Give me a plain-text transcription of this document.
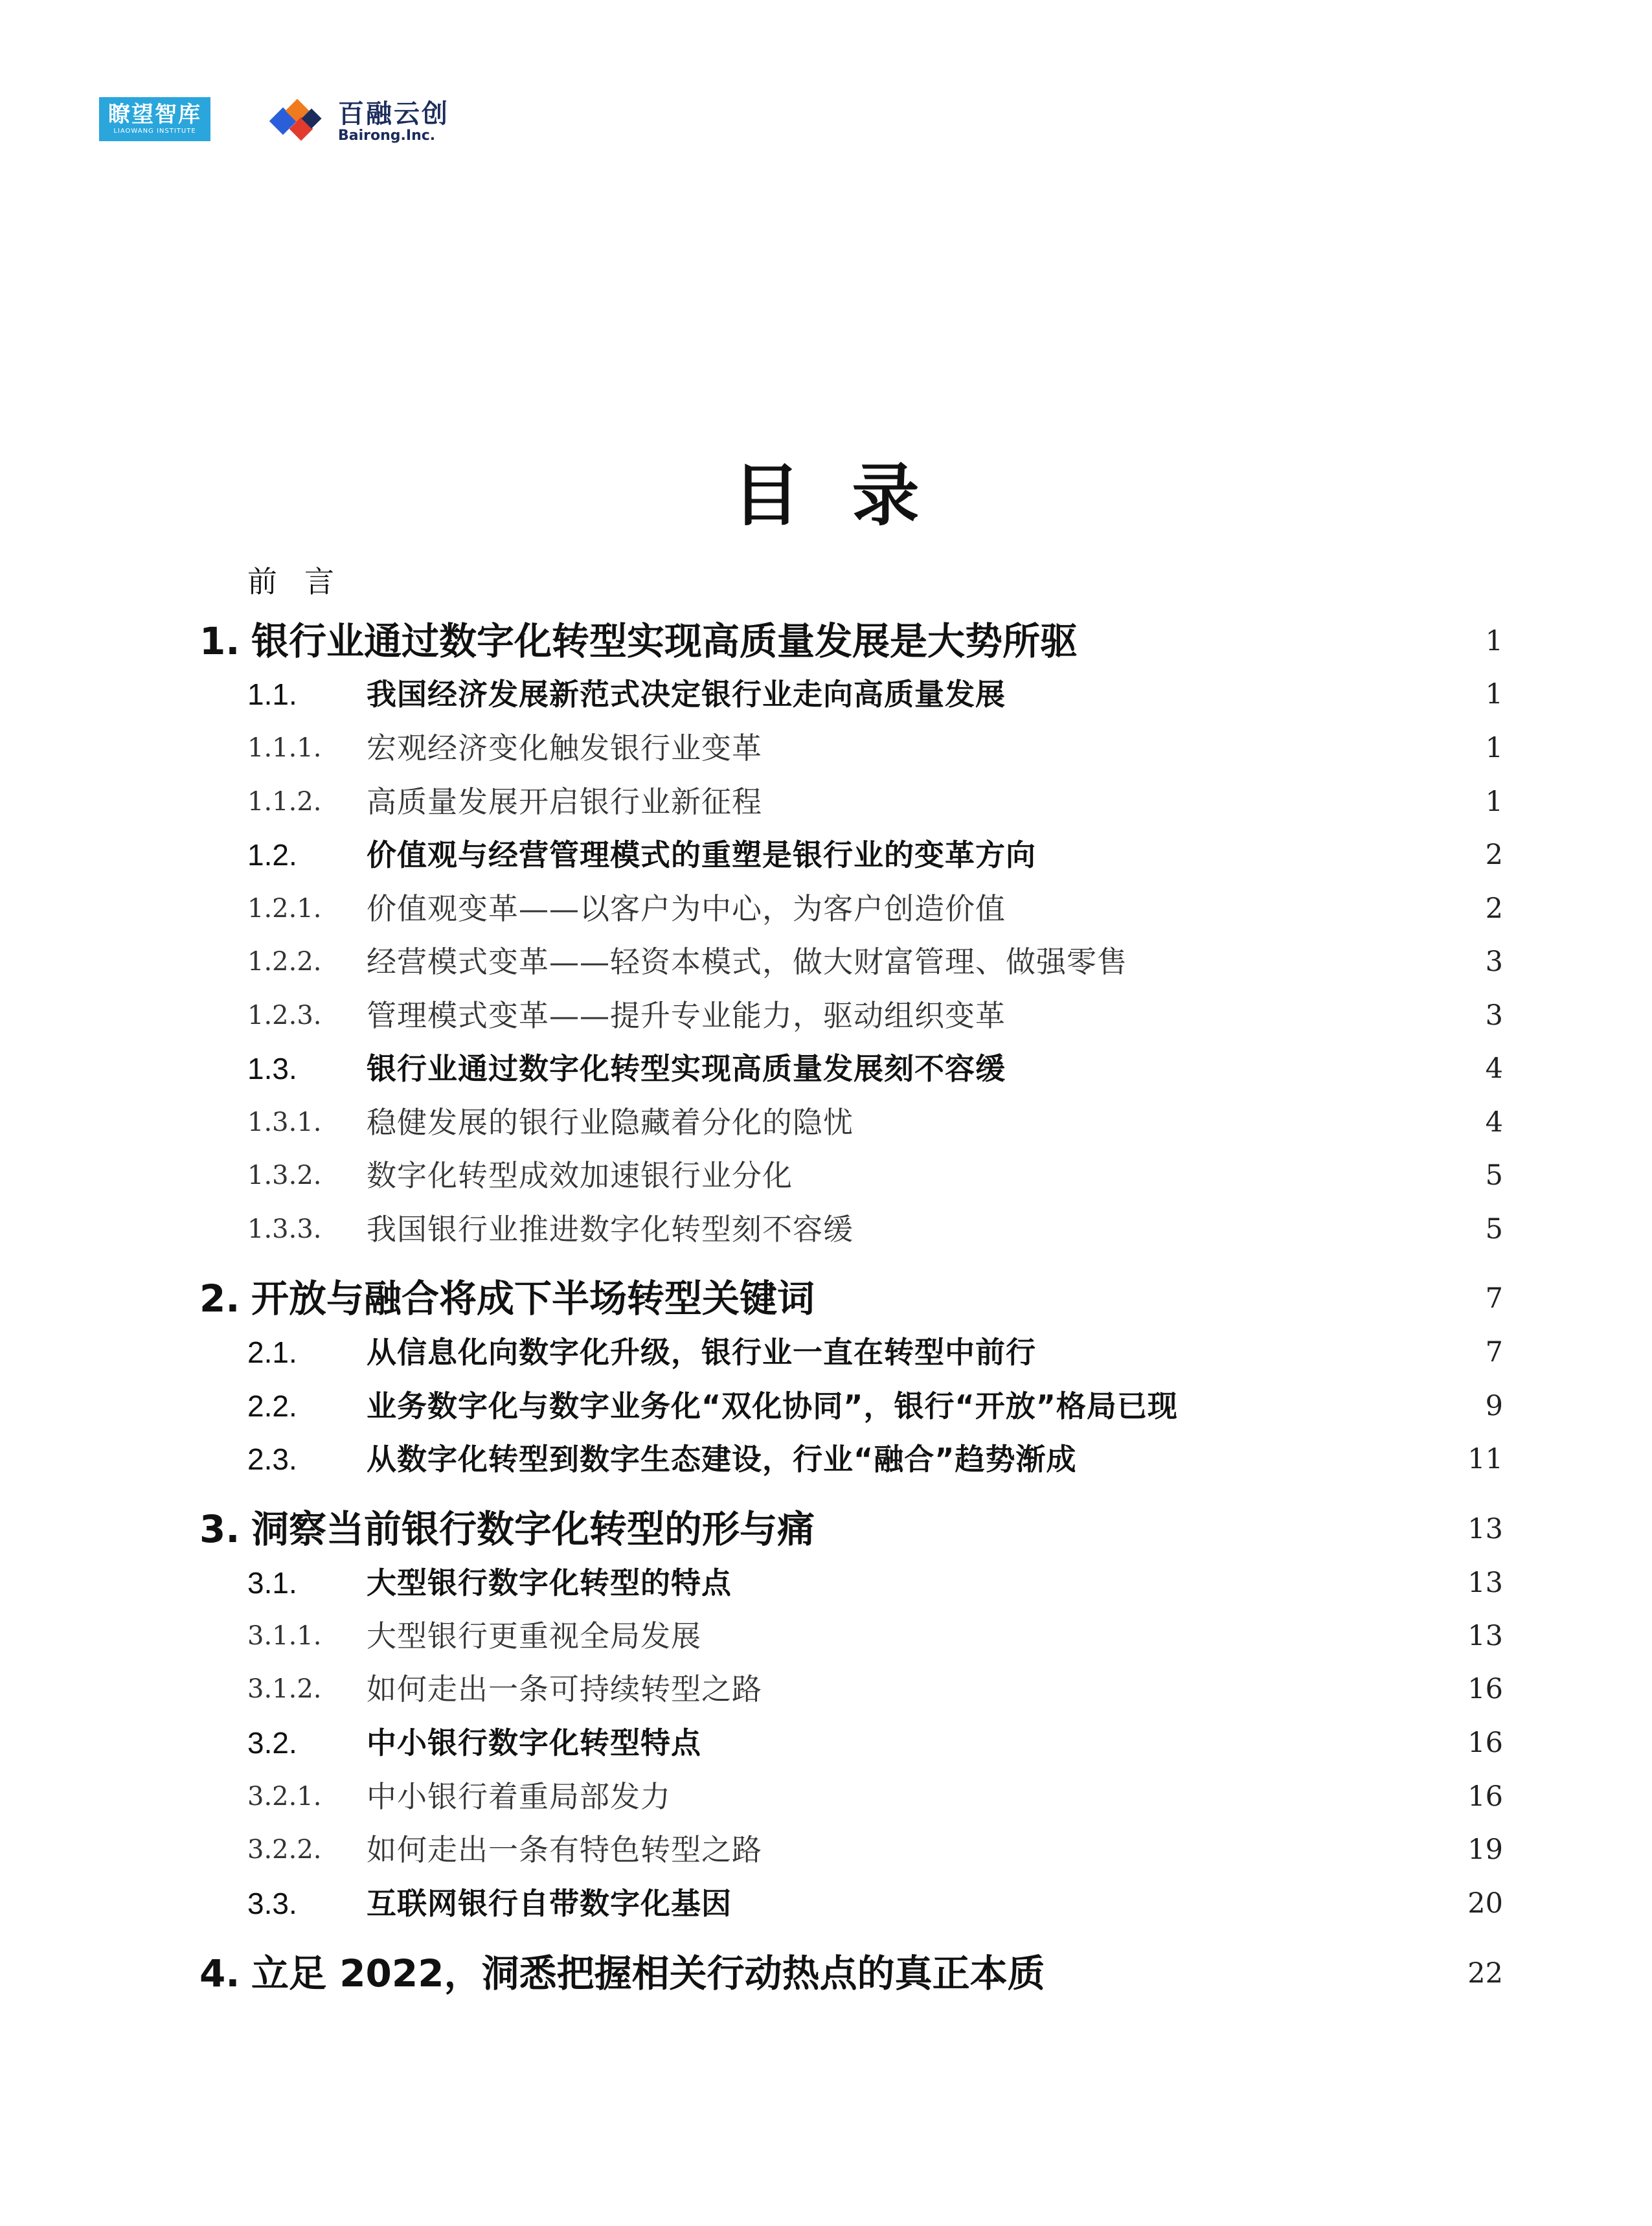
瞭望智库
LIAOWANG INSTITUTE
百融云创
Bairong.Inc.
目录
前言
1. 银行业通过数字化转型实现高质量发展是大势所驱	1
1.1. 我国经济发展新范式决定银行业走向高质量发展	1
1.1.1. 宏观经济变化触发银行业变革	1
1.1.2. 高质量发展开启银行业新征程	1
1.2. 价值观与经营管理模式的重塑是银行业的变革方向	2
1.2.1. 价值观变革——以客户为中心，为客户创造价值	2
1.2.2. 经营模式变革——轻资本模式，做大财富管理、做强零售	3
1.2.3. 管理模式变革——提升专业能力，驱动组织变革	3
1.3. 银行业通过数字化转型实现高质量发展刻不容缓	4
1.3.1. 稳健发展的银行业隐藏着分化的隐忧	4
1.3.2. 数字化转型成效加速银行业分化	5
1.3.3. 我国银行业推进数字化转型刻不容缓	5
2. 开放与融合将成下半场转型关键词	7
2.1. 从信息化向数字化升级，银行业一直在转型中前行	7
2.2. 业务数字化与数字业务化“双化协同”，银行“开放”格局已现	9
2.3. 从数字化转型到数字生态建设，行业“融合”趋势渐成	11
3. 洞察当前银行数字化转型的形与痛	13
3.1. 大型银行数字化转型的特点	13
3.1.1. 大型银行更重视全局发展	13
3.1.2. 如何走出一条可持续转型之路	16
3.2. 中小银行数字化转型特点	16
3.2.1. 中小银行着重局部发力	16
3.2.2. 如何走出一条有特色转型之路	19
3.3. 互联网银行自带数字化基因	20
4. 立足 2022，洞悉把握相关行动热点的真正本质	22
